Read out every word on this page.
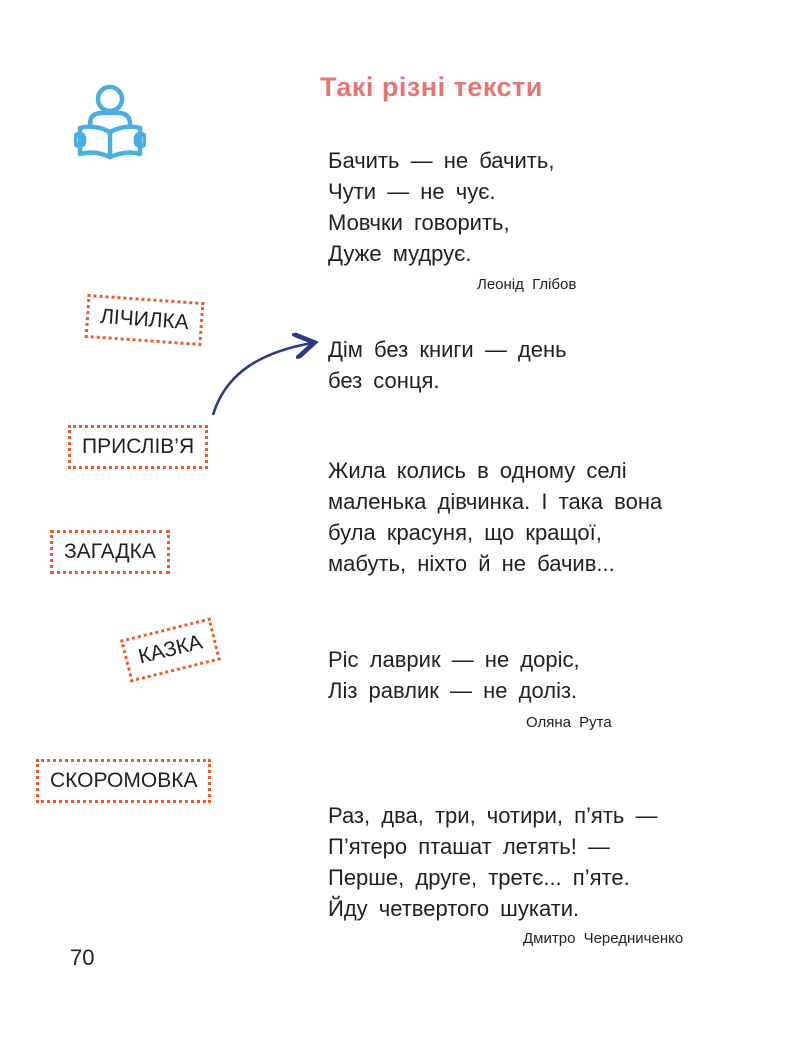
Такі різні тексти
Бачить — не бачить,
Чути — не чує.
Мовчки говорить,
Дуже мудрує.
Леонід Глібов
Дім без книги — день
без сонця.
Жила колись в одному селі
маленька дівчинка. І така вона
була красуня, що кращої,
мабуть, ніхто й не бачив...
Ріс лаврик — не доріс,
Ліз равлик — не доліз.
Оляна Рута
Раз, два, три, чотири, п’ять —
П’ятеро пташат летять! —
Перше, друге, третє... п’яте.
Йду четвертого шукати.
Дмитро Чередниченко
ЛІЧИЛКА
ПРИСЛІВ’Я
ЗАГАДКА
КАЗКА
СКОРОМОВКА
70
